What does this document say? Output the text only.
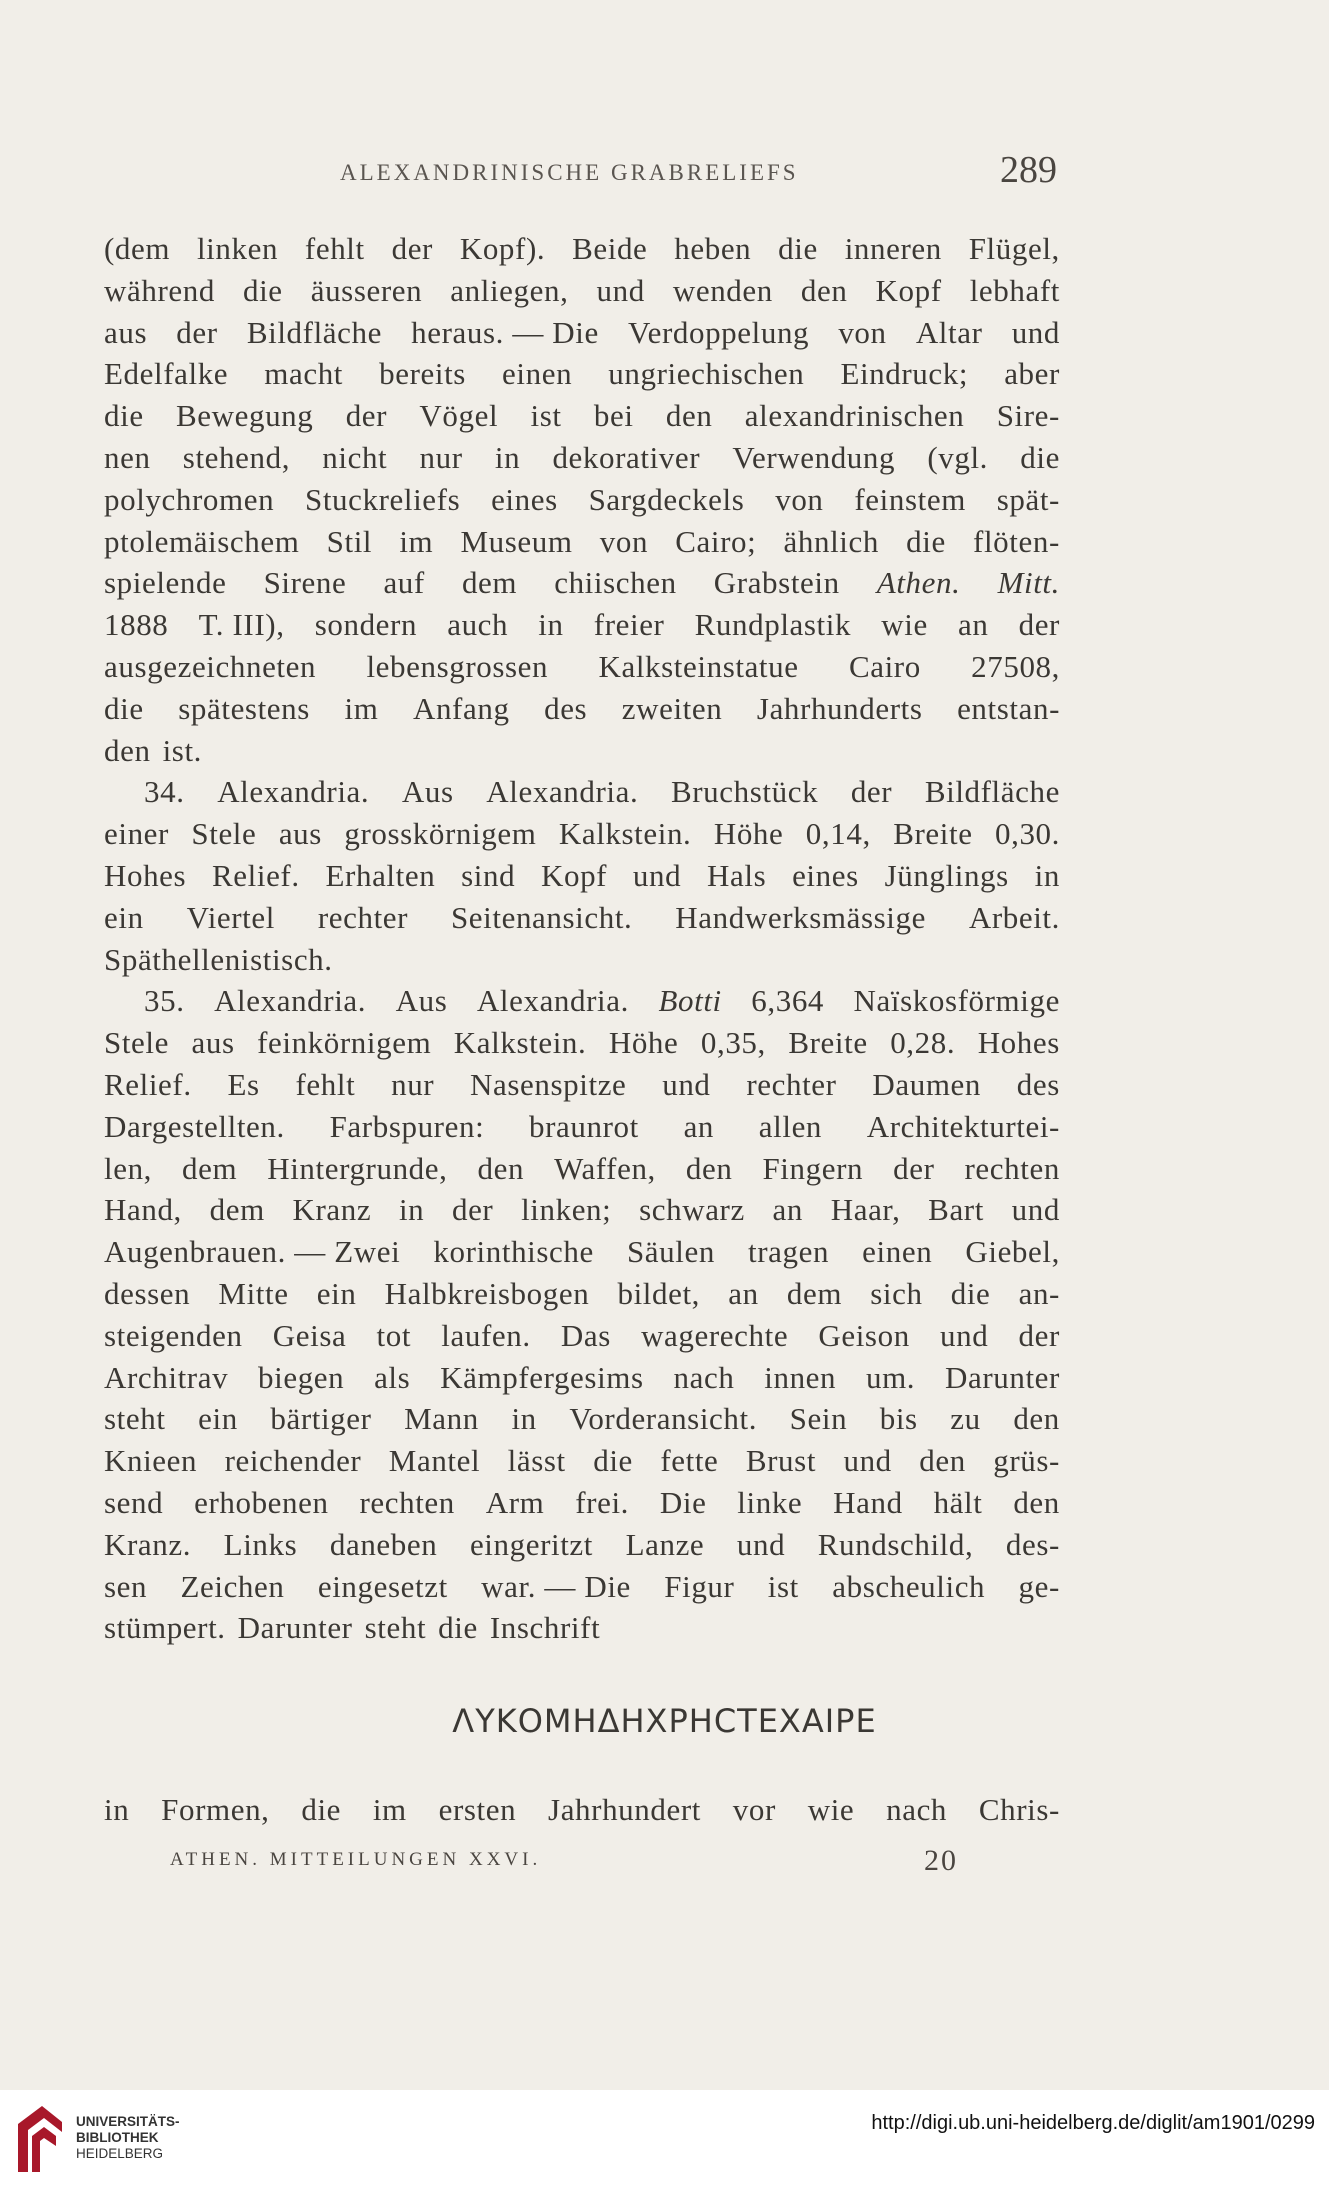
ALEXANDRINISCHE GRABRELIEFS	289
(dem linken fehlt der Kopf). Beide heben die inneren Flügel,
während die äusseren anliegen, und wenden den Kopf lebhaft
aus der Bildfläche heraus. — Die Verdoppelung von Altar und
Edelfalke macht bereits einen ungriechischen Eindruck; aber
die Bewegung der Vögel ist bei den alexandrinischen Sire-
nen stehend, nicht nur in dekorativer Verwendung (vgl. die
polychromen Stuckreliefs eines Sargdeckels von feinstem spät-
ptolemäischem Stil im Museum von Cairo; ähnlich die flöten-
spielende Sirene auf dem chiischen Grabstein Athen. Mitt.
1888 T. III), sondern auch in freier Rundplastik wie an der
ausgezeichneten lebensgrossen Kalksteinstatue Cairo 27508,
die spätestens im Anfang des zweiten Jahrhunderts entstan-
den ist.
34. Alexandria. Aus Alexandria. Bruchstück der Bildfläche
einer Stele aus grosskörnigem Kalkstein. Höhe 0,14, Breite 0,30.
Hohes Relief. Erhalten sind Kopf und Hals eines Jünglings in
ein Viertel rechter Seitenansicht. Handwerksmässige Arbeit.
Späthellenistisch.
35. Alexandria. Aus Alexandria. Botti 6,364 Naïskosförmige
Stele aus feinkörnigem Kalkstein. Höhe 0,35, Breite 0,28. Hohes
Relief. Es fehlt nur Nasenspitze und rechter Daumen des
Dargestellten. Farbspuren: braunrot an allen Architekturtei-
len, dem Hintergrunde, den Waffen, den Fingern der rechten
Hand, dem Kranz in der linken; schwarz an Haar, Bart und
Augenbrauen. — Zwei korinthische Säulen tragen einen Giebel,
dessen Mitte ein Halbkreisbogen bildet, an dem sich die an-
steigenden Geisa tot laufen. Das wagerechte Geison und der
Architrav biegen als Kämpfergesims nach innen um. Darunter
steht ein bärtiger Mann in Vorderansicht. Sein bis zu den
Knieen reichender Mantel lässt die fette Brust und den grüs-
send erhobenen rechten Arm frei. Die linke Hand hält den
Kranz. Links daneben eingeritzt Lanze und Rundschild, des-
sen Zeichen eingesetzt war. — Die Figur ist abscheulich ge-
stümpert. Darunter steht die Inschrift
ΛΥΚΟΜΗΔΗΧΡΗϹΤΕΧΑΙΡΕ
in Formen, die im ersten Jahrhundert vor wie nach Chris-
ATHEN. MITTEILUNGEN XXVI.	20
UNIVERSITÄTS-
BIBLIOTHEK
HEIDELBERG
http://digi.ub.uni-heidelberg.de/diglit/am1901/0299
